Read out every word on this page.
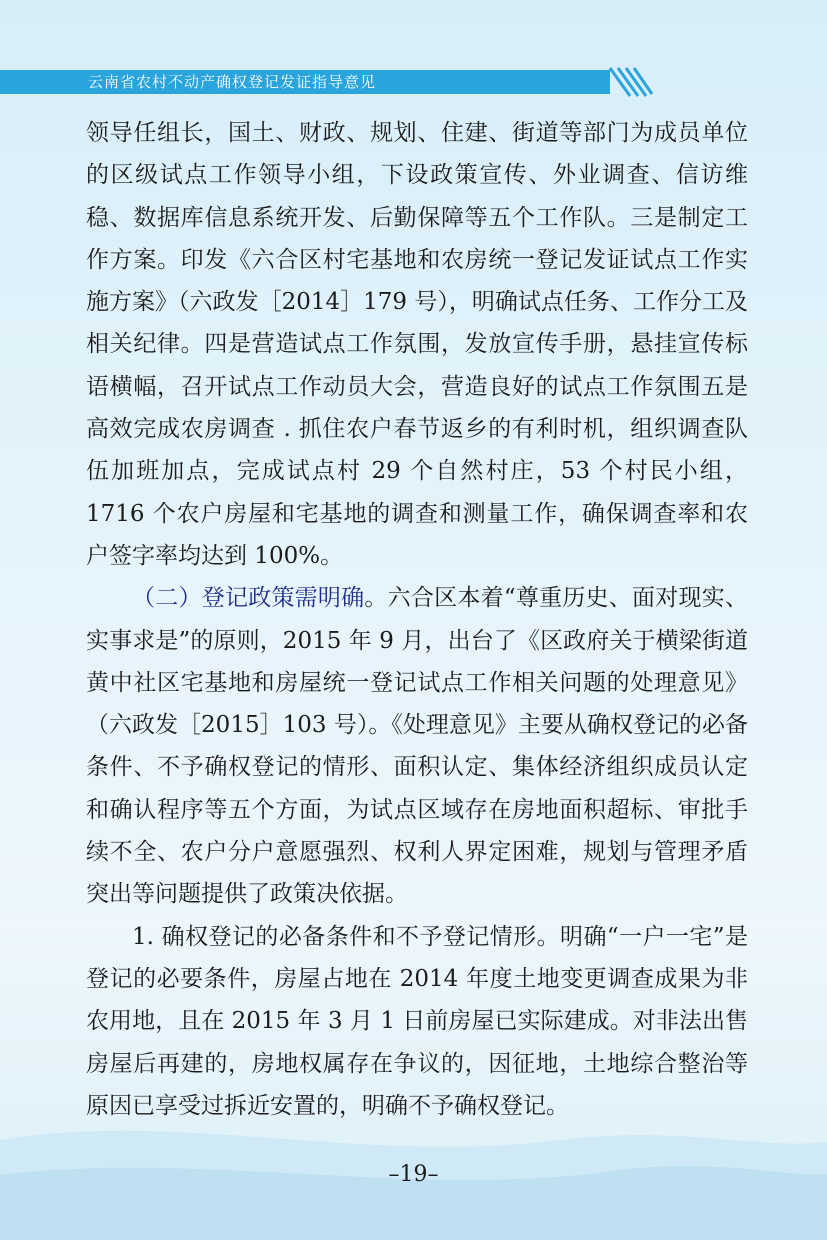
云南省农村不动产确权登记发证指导意见

领导任组长，国土、财政、规划、住建、街道等部门为成员单位的区级试点工作领导小组，下设政策宣传、外业调查、信访维稳、数据库信息系统开发、后勤保障等五个工作队。三是制定工作方案。印发《六合区村宅基地和农房统一登记发证试点工作实施方案》（六政发［2014］179 号），明确试点任务、工作分工及相关纪律。四是营造试点工作氛围，发放宣传手册，悬挂宣传标语横幅，召开试点工作动员大会，营造良好的试点工作氛围五是高效完成农房调查 . 抓住农户春节返乡的有利时机，组织调查队伍加班加点，完成试点村 29 个自然村庄，53 个村民小组，1716 个农户房屋和宅基地的调查和测量工作，确保调查率和农户签字率均达到 100%。

（二）登记政策需明确。六合区本着“尊重历史、面对现实、实事求是”的原则，2015 年 9 月，出台了《区政府关于横梁街道黄中社区宅基地和房屋统一登记试点工作相关问题的处理意见》（六政发［2015］103 号）。《处理意见》主要从确权登记的必备条件、不予确权登记的情形、面积认定、集体经济组织成员认定和确认程序等五个方面，为试点区域存在房地面积超标、审批手续不全、农户分户意愿强烈、权利人界定困难，规划与管理矛盾突出等问题提供了政策决依据。

1. 确权登记的必备条件和不予登记情形。明确“一户一宅”是登记的必要条件，房屋占地在 2014 年度土地变更调查成果为非农用地，且在 2015 年 3 月 1 日前房屋已实际建成。对非法出售房屋后再建的，房地权属存在争议的，因征地，土地综合整治等原因已享受过拆近安置的，明确不予确权登记。

–19–
